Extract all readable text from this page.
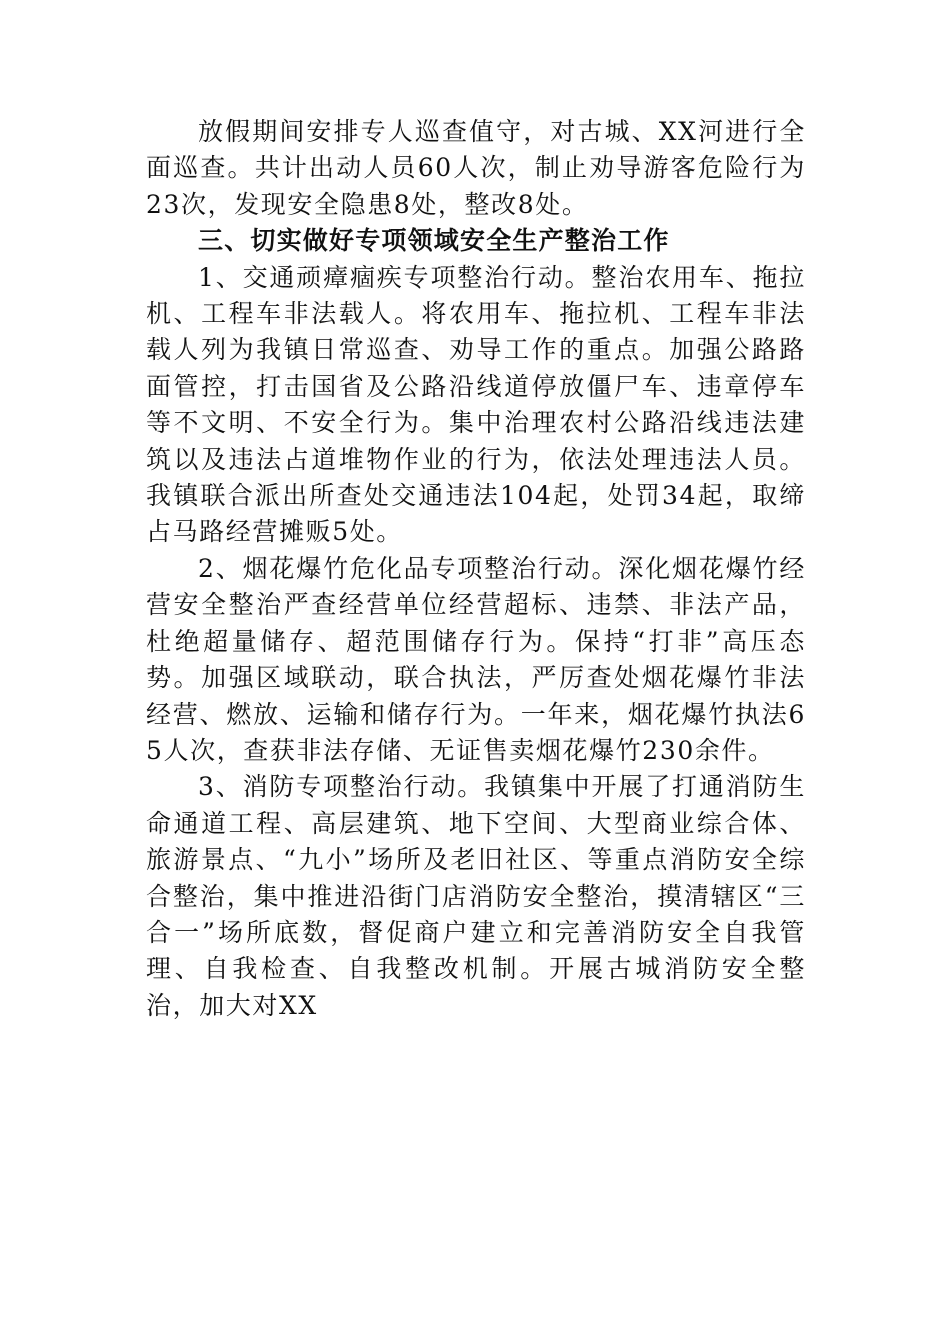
放假期间安排专人巡查值守，对古城、XX河进行全面巡查。共计出动人员60人次，制止劝导游客危险行为23次，发现安全隐患8处，整改8处。

三、切实做好专项领域安全生产整治工作

1、交通顽瘴痼疾专项整治行动。整治农用车、拖拉机、工程车非法载人。将农用车、拖拉机、工程车非法载人列为我镇日常巡查、劝导工作的重点。加强公路路面管控，打击国省及公路沿线道停放僵尸车、违章停车等不文明、不安全行为。集中治理农村公路沿线违法建筑以及违法占道堆物作业的行为，依法处理违法人员。我镇联合派出所查处交通违法104起，处罚34起，取缔占马路经营摊贩5处。

2、烟花爆竹危化品专项整治行动。深化烟花爆竹经营安全整治严查经营单位经营超标、违禁、非法产品，杜绝超量储存、超范围储存行为。保持“打非”高压态势。加强区域联动，联合执法，严厉查处烟花爆竹非法经营、燃放、运输和储存行为。一年来，烟花爆竹执法65人次，查获非法存储、无证售卖烟花爆竹230余件。

3、消防专项整治行动。我镇集中开展了打通消防生命通道工程、高层建筑、地下空间、大型商业综合体、旅游景点、“九小”场所及老旧社区、等重点消防安全综合整治，集中推进沿街门店消防安全整治，摸清辖区“三合一”场所底数，督促商户建立和完善消防安全自我管理、自我检查、自我整改机制。开展古城消防安全整治，加大对XX
